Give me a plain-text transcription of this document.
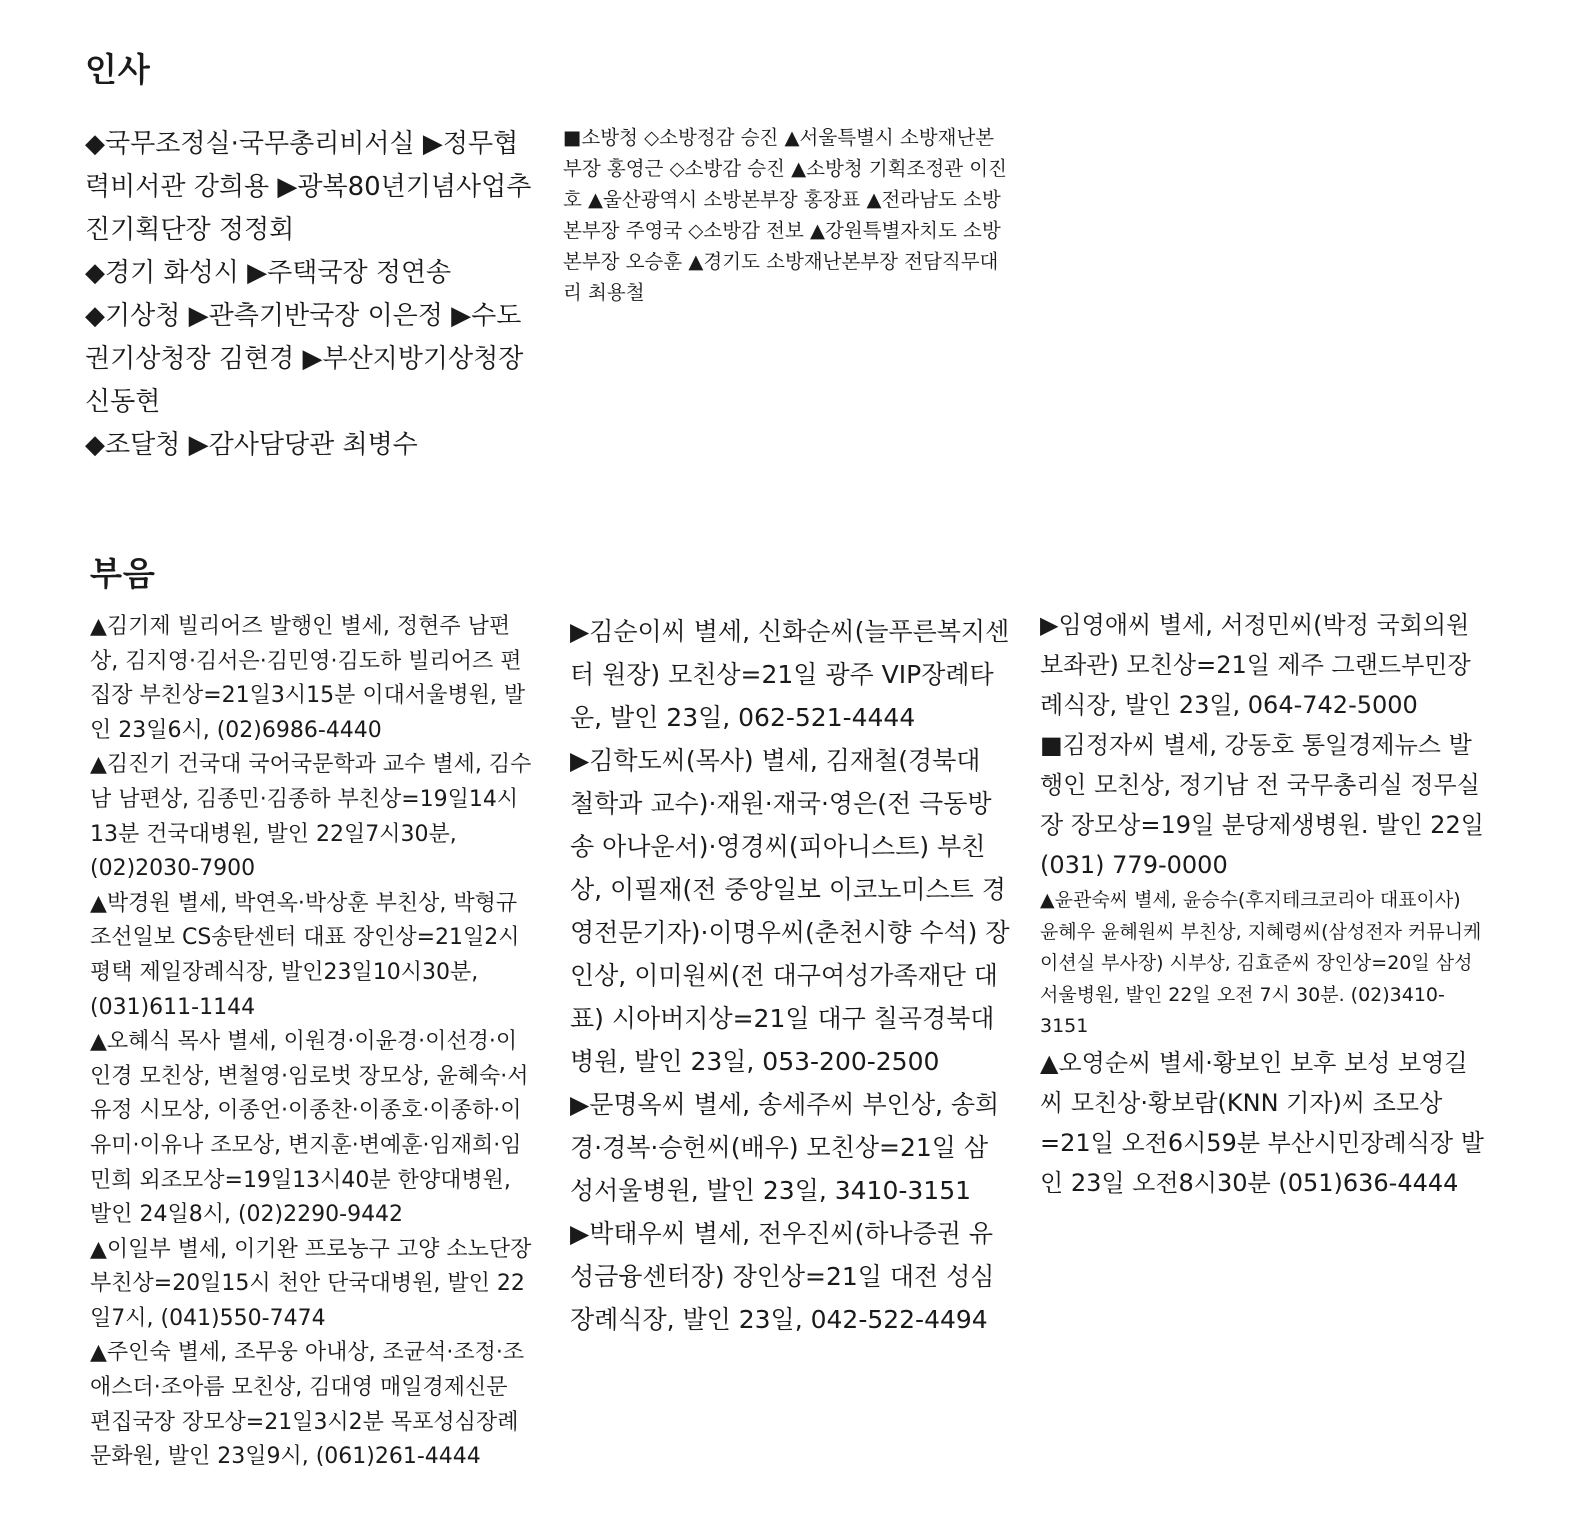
인사

◆국무조정실·국무총리비서실 ▶정무협력비서관 강희용 ▶광복80년기념사업추진기획단장 정정회

◆경기 화성시 ▶주택국장 정연송

◆기상청 ▶관측기반국장 이은정 ▶수도권기상청장 김현경 ▶부산지방기상청장 신동현

◆조달청 ▶감사담당관 최병수

■소방청 ◇소방정감 승진 ▲서울특별시 소방재난본부장 홍영근 ◇소방감 승진 ▲소방청 기획조정관 이진호 ▲울산광역시 소방본부장 홍장표 ▲전라남도 소방본부장 주영국 ◇소방감 전보 ▲강원특별자치도 소방본부장 오승훈 ▲경기도 소방재난본부장 전담직무대리 최용철

부음

▲김기제 빌리어즈 발행인 별세, 정현주 남편상, 김지영·김서은·김민영·김도하 빌리어즈 편집장 부친상=21일3시15분 이대서울병원, 발인 23일6시, (02)6986-4440

▲김진기 건국대 국어국문학과 교수 별세, 김수남 남편상, 김종민·김종하 부친상=19일14시13분 건국대병원, 발인 22일7시30분, (02)2030-7900

▲박경원 별세, 박연옥·박상훈 부친상, 박형규 조선일보 CS송탄센터 대표 장인상=21일2시 평택 제일장례식장, 발인23일10시30분, (031)611-1144

▲오혜식 목사 별세, 이원경·이윤경·이선경·이인경 모친상, 변철영·임로벗 장모상, 윤혜숙·서유정 시모상, 이종언·이종찬·이종호·이종하·이유미·이유나 조모상, 변지훈·변예훈·임재희·임민희 외조모상=19일13시40분 한양대병원, 발인 24일8시, (02)2290-9442

▲이일부 별세, 이기완 프로농구 고양 소노단장 부친상=20일15시 천안 단국대병원, 발인 22일7시, (041)550-7474

▲주인숙 별세, 조무웅 아내상, 조균석·조정·조애스더·조아름 모친상, 김대영 매일경제신문 편집국장 장모상=21일3시2분 목포성심장례문화원, 발인 23일9시, (061)261-4444

▶김순이씨 별세, 신화순씨(늘푸른복지센터 원장) 모친상=21일 광주 VIP장례타운, 발인 23일, 062-521-4444

▶김학도씨(목사) 별세, 김재철(경북대 철학과 교수)·재원·재국·영은(전 극동방송 아나운서)·영경씨(피아니스트) 부친상, 이필재(전 중앙일보 이코노미스트 경영전문기자)·이명우씨(춘천시향 수석) 장인상, 이미원씨(전 대구여성가족재단 대표) 시아버지상=21일 대구 칠곡경북대병원, 발인 23일, 053-200-2500

▶문명옥씨 별세, 송세주씨 부인상, 송희경·경복·승헌씨(배우) 모친상=21일 삼성서울병원, 발인 23일, 3410-3151

▶박태우씨 별세, 전우진씨(하나증권 유성금융센터장) 장인상=21일 대전 성심장례식장, 발인 23일, 042-522-4494

▶임영애씨 별세, 서정민씨(박정 국회의원 보좌관) 모친상=21일 제주 그랜드부민장례식장, 발인 23일, 064-742-5000

■김정자씨 별세, 강동호 통일경제뉴스 발행인 모친상, 정기남 전 국무총리실 정무실장 장모상=19일 분당제생병원. 발인 22일 (031) 779-0000

▲윤관숙씨 별세, 윤승수(후지테크코리아 대표이사) 윤혜우 윤혜원씨 부친상, 지혜령씨(삼성전자 커뮤니케이션실 부사장) 시부상, 김효준씨 장인상=20일 삼성서울병원, 발인 22일 오전 7시 30분. (02)3410-3151

▲오영순씨 별세·황보인 보후 보성 보영길씨 모친상·황보람(KNN 기자)씨 조모상=21일 오전6시59분 부산시민장례식장 발인 23일 오전8시30분 (051)636-4444
